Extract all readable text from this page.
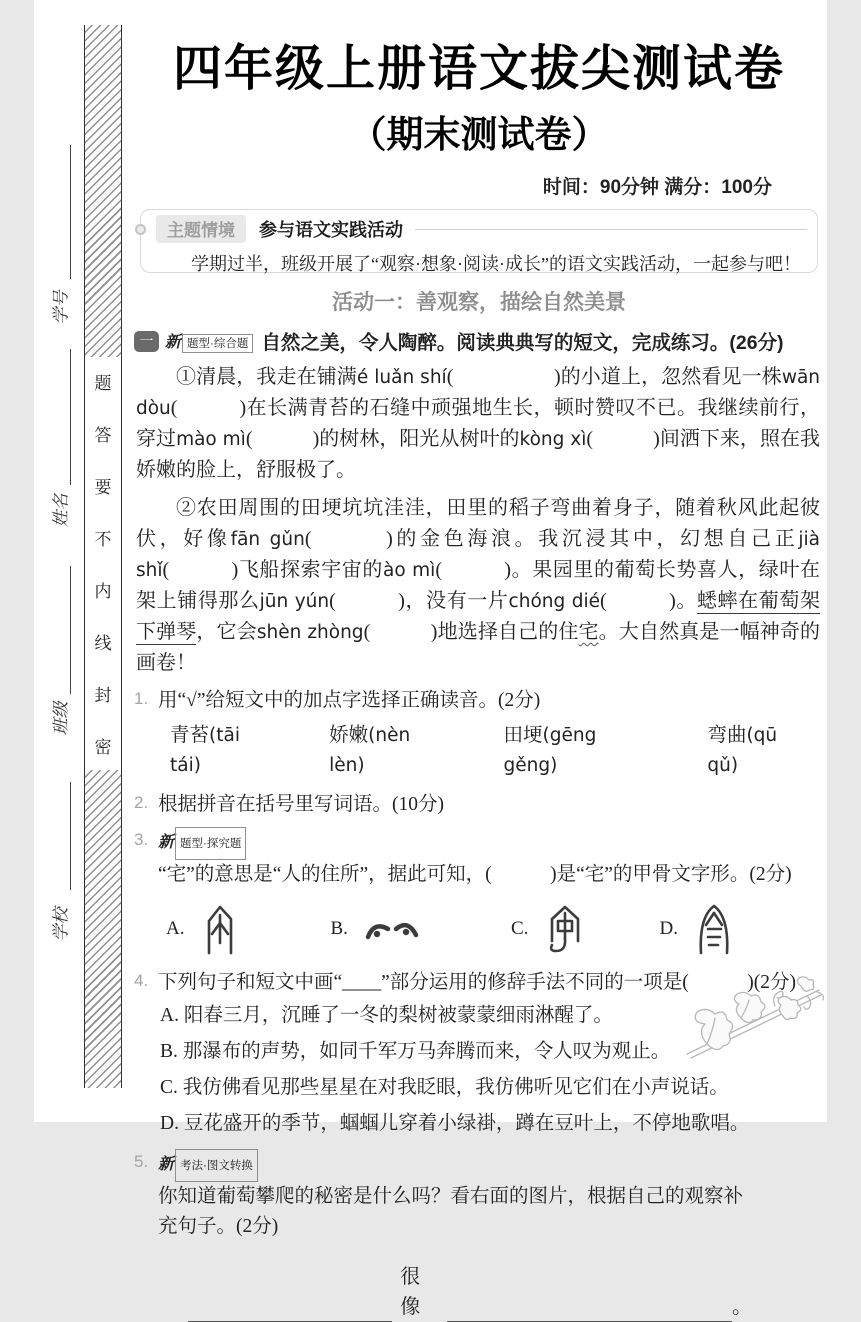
学号
姓名
班级
学校
题
答
要
不
内
线
封
密
四年级上册语文拔尖测试卷
（期末测试卷）
时间：90分钟 满分：100分
主题情境	参与语文实践活动
学期过半，班级开展了“观察·想象·阅读·成长”的语文实践活动，一起参与吧！
活动一：善观察，描绘自然美景
一 新 题型·综合题 自然之美，令人陶醉。阅读典典写的短文，完成练习。(26分)
①清晨，我走在铺满é luǎn shí(　　　　　)的小道上，忽然看见一株wān dòu(　　　)在长满青苔 •的石缝中顽强地生长，顿时赞叹不已。我继续前行，穿过mào mì(　　　)的树林，阳光从树叶的kòng xì(　　　)间洒下来，照在我娇嫩 •的脸上，舒服极了。
②农田周围的田埂 •坑坑洼洼，田里的稻子弯曲 •着身子，随着秋风此起彼伏，好像fān gǔn(　　　)的金色海浪。我沉浸其中，幻想自己正jià shǐ(　　　)飞船探索宇宙的ào mì(　　　)。果园里的葡萄长势喜人，绿叶在架上铺得那么jūn yún(　　　)，没有一片chóng dié(　　　)。蟋蟀在葡萄架下弹琴，它会shèn zhòng(　　　)地选择自己的住宅。大自然真是一幅神奇的画卷！
1. 用“√”给短文中的加点字选择正确读音。(2分)
青苔 •(tāi　tái)
娇嫩 •(nèn　lèn)
田埂 •(gēng　gěng)
弯曲 •(qū　qǔ)
2. 根据拼音在括号里写词语。(10分)
3. 新 题型·探究题
“宅”的意思是“人的住所”，据此可知，(　　　)是“宅”的甲骨文字形。(2分)
A.	B.	C.	D.
4. 下列句子和短文中画“____”部分运用的修辞手法不同的一项是(　　　)(2分)
A. 阳春三月，沉睡了一冬的梨树被蒙蒙细雨淋醒了。
B. 那瀑布的声势，如同千军万马奔腾而来，令人叹为观止。
C. 我仿佛看见那些星星在对我眨眼，我仿佛听见它们在小声说话。
D. 豆花盛开的季节，蝈蝈儿穿着小绿褂，蹲在豆叶上，不停地歌唱。
5. 新 考法·图文转换
你知道葡萄攀爬的秘密是什么吗？看右面的图片，根据自己的观察补充句子。(2分)
很像	。
